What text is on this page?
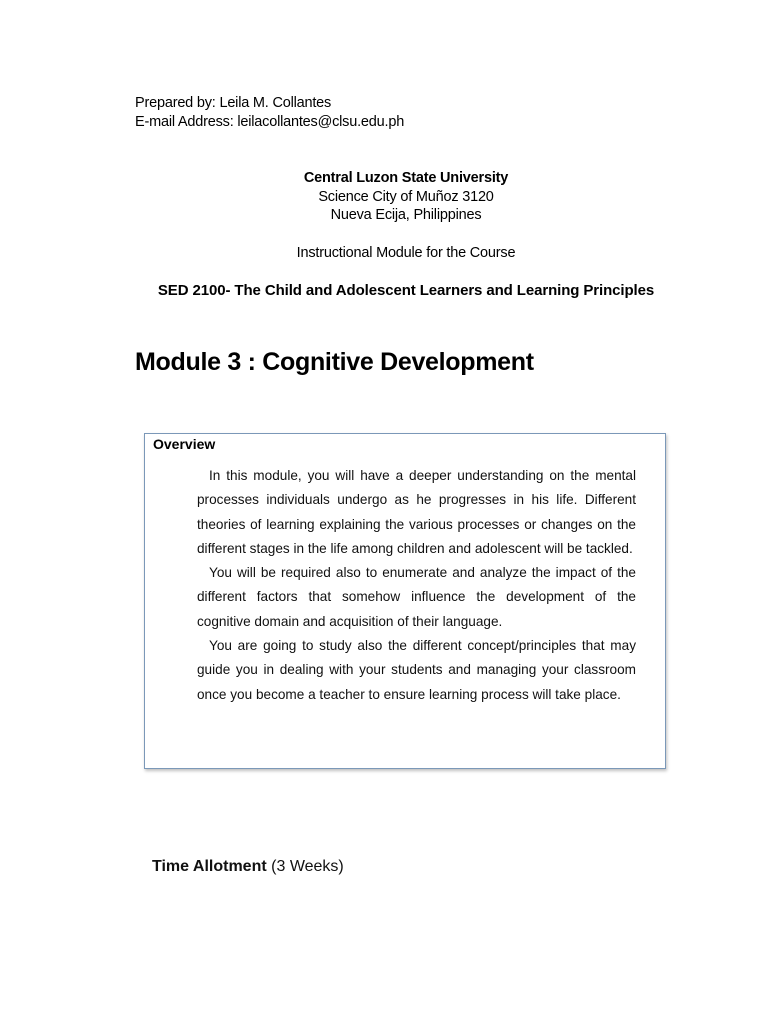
Prepared by: Leila M. Collantes
E-mail Address: leilacollantes@clsu.edu.ph
Central Luzon State University
Science City of Muñoz 3120
Nueva Ecija, Philippines
Instructional Module for the Course
SED 2100- The Child and Adolescent Learners and Learning Principles
Module 3 : Cognitive Development
Overview

In this module, you will have a deeper understanding on the mental processes individuals undergo as he progresses in his life. Different theories of learning explaining the various processes or changes on the different stages in the life among children and adolescent will be tackled.

You will be required also to enumerate and analyze the impact of the different factors that somehow influence the development of the cognitive domain and acquisition of their language.

You are going to study also the different concept/principles that may guide you in dealing with your students and managing your classroom once you become a teacher to ensure learning process will take place.

Time Allotment (3 Weeks)
